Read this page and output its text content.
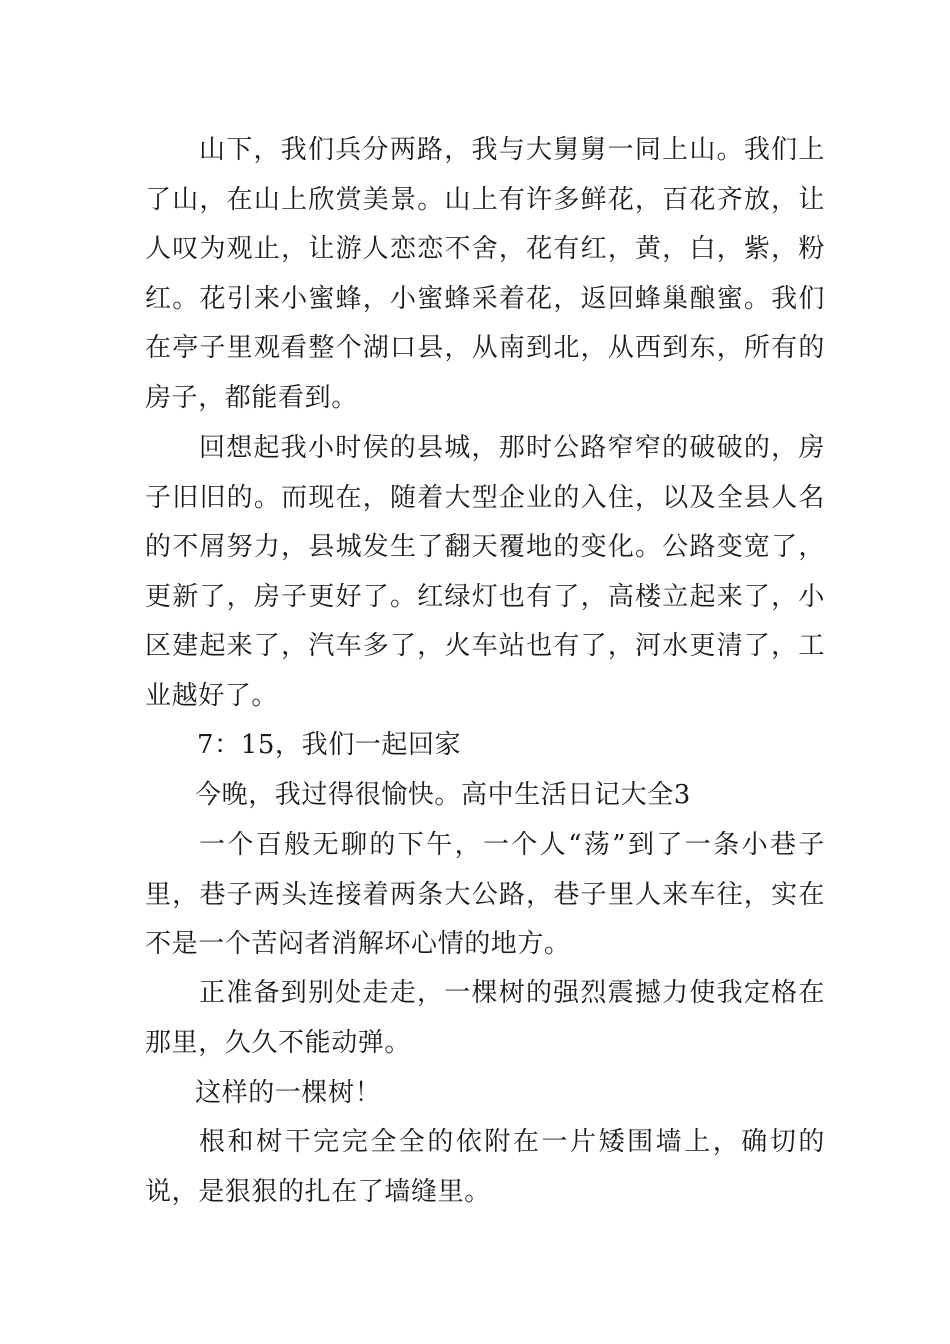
山下，我们兵分两路，我与大舅舅一同上山。我们上了山，在山上欣赏美景。山上有许多鲜花，百花齐放，让人叹为观止，让游人恋恋不舍，花有红，黄，白，紫，粉红。花引来小蜜蜂，小蜜蜂采着花，返回蜂巢酿蜜。我们在亭子里观看整个湖口县，从南到北，从西到东，所有的房子，都能看到。

回想起我小时侯的县城，那时公路窄窄的破破的，房子旧旧的。而现在，随着大型企业的入住，以及全县人名的不屑努力，县城发生了翻天覆地的变化。公路变宽了，更新了，房子更好了。红绿灯也有了，高楼立起来了，小区建起来了，汽车多了，火车站也有了，河水更清了，工业越好了。

7：15，我们一起回家

今晚，我过得很愉快。高中生活日记大全3

一个百般无聊的下午，一个人“荡”到了一条小巷子里，巷子两头连接着两条大公路，巷子里人来车往，实在不是一个苦闷者消解坏心情的地方。

正准备到别处走走，一棵树的强烈震撼力使我定格在那里，久久不能动弹。

这样的一棵树！

根和树干完完全全的依附在一片矮围墙上，确切的说，是狠狠的扎在了墙缝里。
